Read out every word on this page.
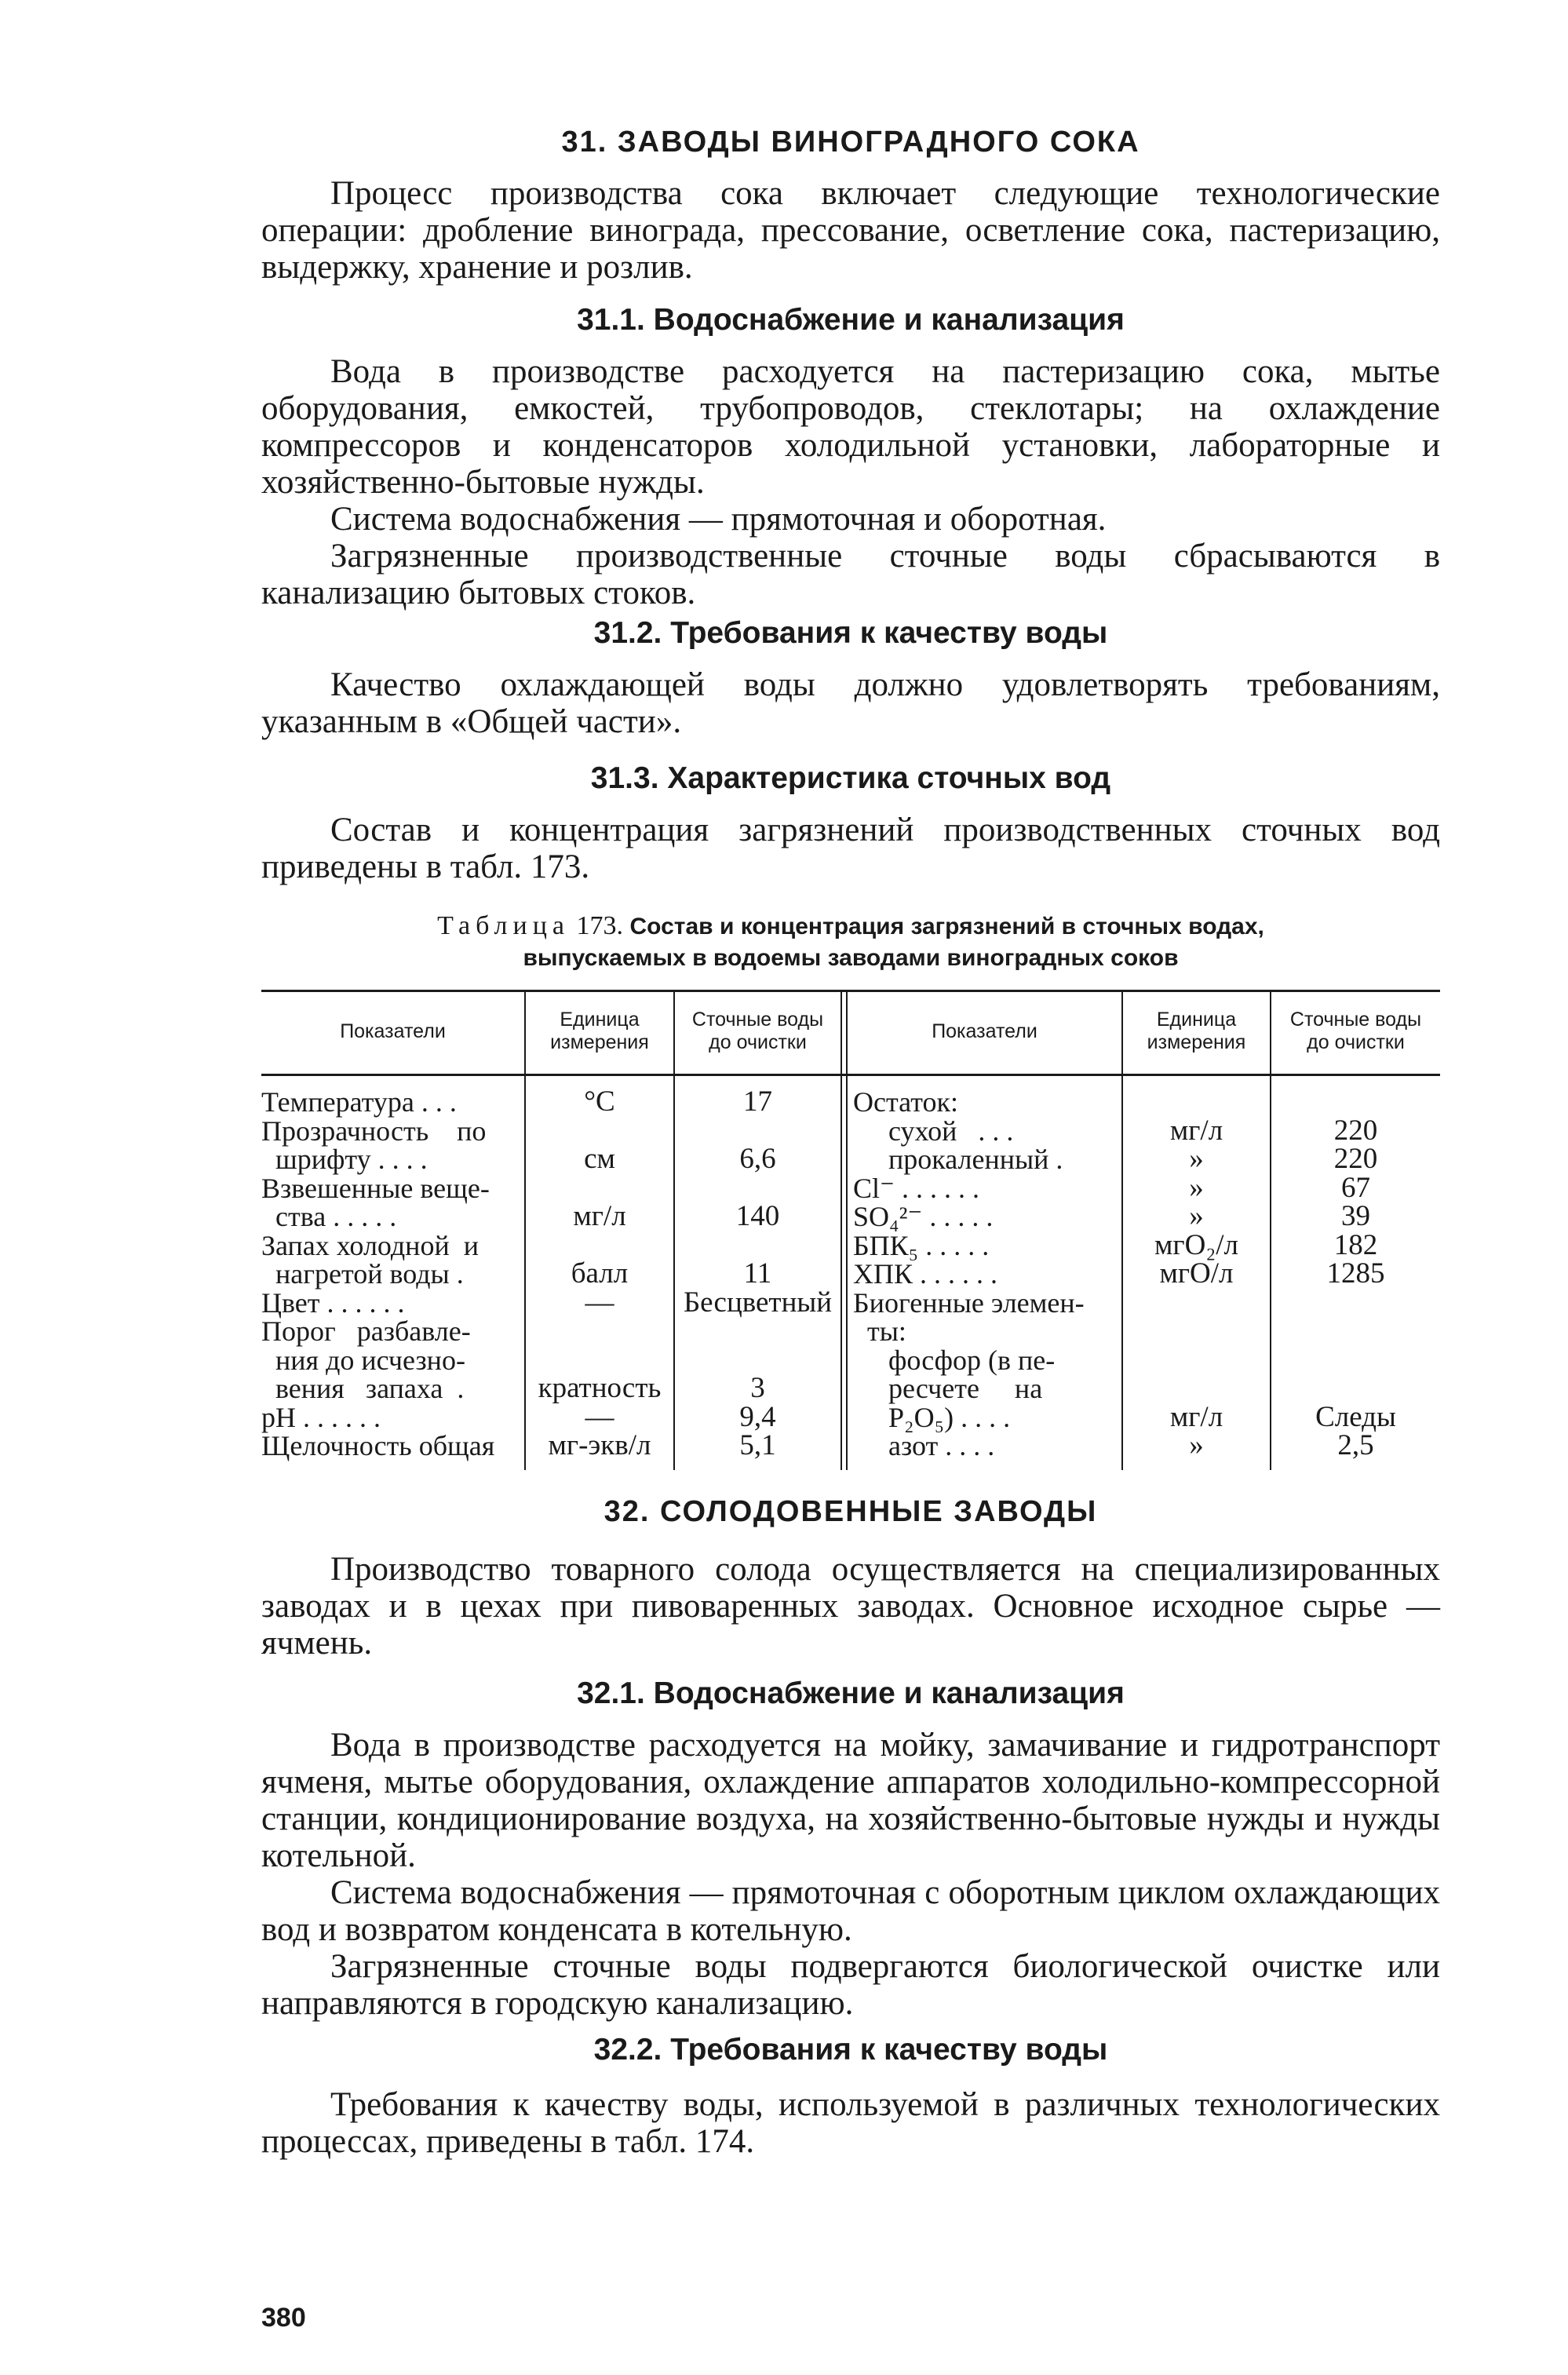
31. ЗАВОДЫ ВИНОГРАДНОГО СОКА

Процесс производства сока включает следующие технологические операции: дробление винограда, прессование, осветление сока, пастеризацию, выдержку, хранение и розлив.

31.1. Водоснабжение и канализация

Вода в производстве расходуется на пастеризацию сока, мытье оборудования, емкостей, трубопроводов, стеклотары; на охлаждение компрессоров и конденсаторов холодильной установки, лабораторные и хозяйственно-бытовые нужды.

Система водоснабжения — прямоточная и оборотная.

Загрязненные производственные сточные воды сбрасываются в канализацию бытовых стоков.

31.2. Требования к качеству воды

Качество охлаждающей воды должно удовлетворять требованиям, указанным в «Общей части».

31.3. Характеристика сточных вод

Состав и концентрация загрязнений производственных сточных вод приведены в табл. 173.

Таблица 173. Состав и концентрация загрязнений в сточных водах,
выпускаемых в водоемы заводами виноградных соков
Показатели
Единица
измерения
Сточные воды
до очистки	Показатели
Единица
измерения
Сточные воды
до очистки
Температура . . .
Прозрачность    по
шрифту . . . .
Взвешенные веще-
ства . . . . .
Запах холодной  и
нагретой воды .
Цвет . . . . . .
Порог   разбавле-
ния до исчезно-
вения   запаха  .
pH . . . . . .
Щелочность общая
°С

см

мг/л

балл
—

кратность
—
мг-экв/л
17

6,6

140

11
Бесцветный

3
9,4
5,1
Остаток:
сухой   . . .
прокаленный .
Cl⁻ . . . . . .
SO₄²⁻ . . . . .
БПК₅ . . . . .
ХПК . . . . . .
Биогенные элемен-
ты:
фосфор (в пе-
ресчете     на
P₂O₅) . . . .
азот . . . .

мг/л
»
»
»
мгО₂/л
мгО/л

мг/л
»

220
220
67
39
182
1285

Следы
2,5
32. СОЛОДОВЕННЫЕ ЗАВОДЫ

Производство товарного солода осуществляется на специализированных заводах и в цехах при пивоваренных заводах. Основное исходное сырье — ячмень.

32.1. Водоснабжение и канализация

Вода в производстве расходуется на мойку, замачивание и гидротранспорт ячменя, мытье оборудования, охлаждение аппаратов холодильно-компрессорной станции, кондиционирование воздуха, на хозяйственно-бытовые нужды и нужды котельной.

Система водоснабжения — прямоточная с оборотным циклом охлаждающих вод и возвратом конденсата в котельную.

Загрязненные сточные воды подвергаются биологической очистке или направляются в городскую канализацию.

32.2. Требования к качеству воды

Требования к качеству воды, используемой в различных технологических процессах, приведены в табл. 174.

380
